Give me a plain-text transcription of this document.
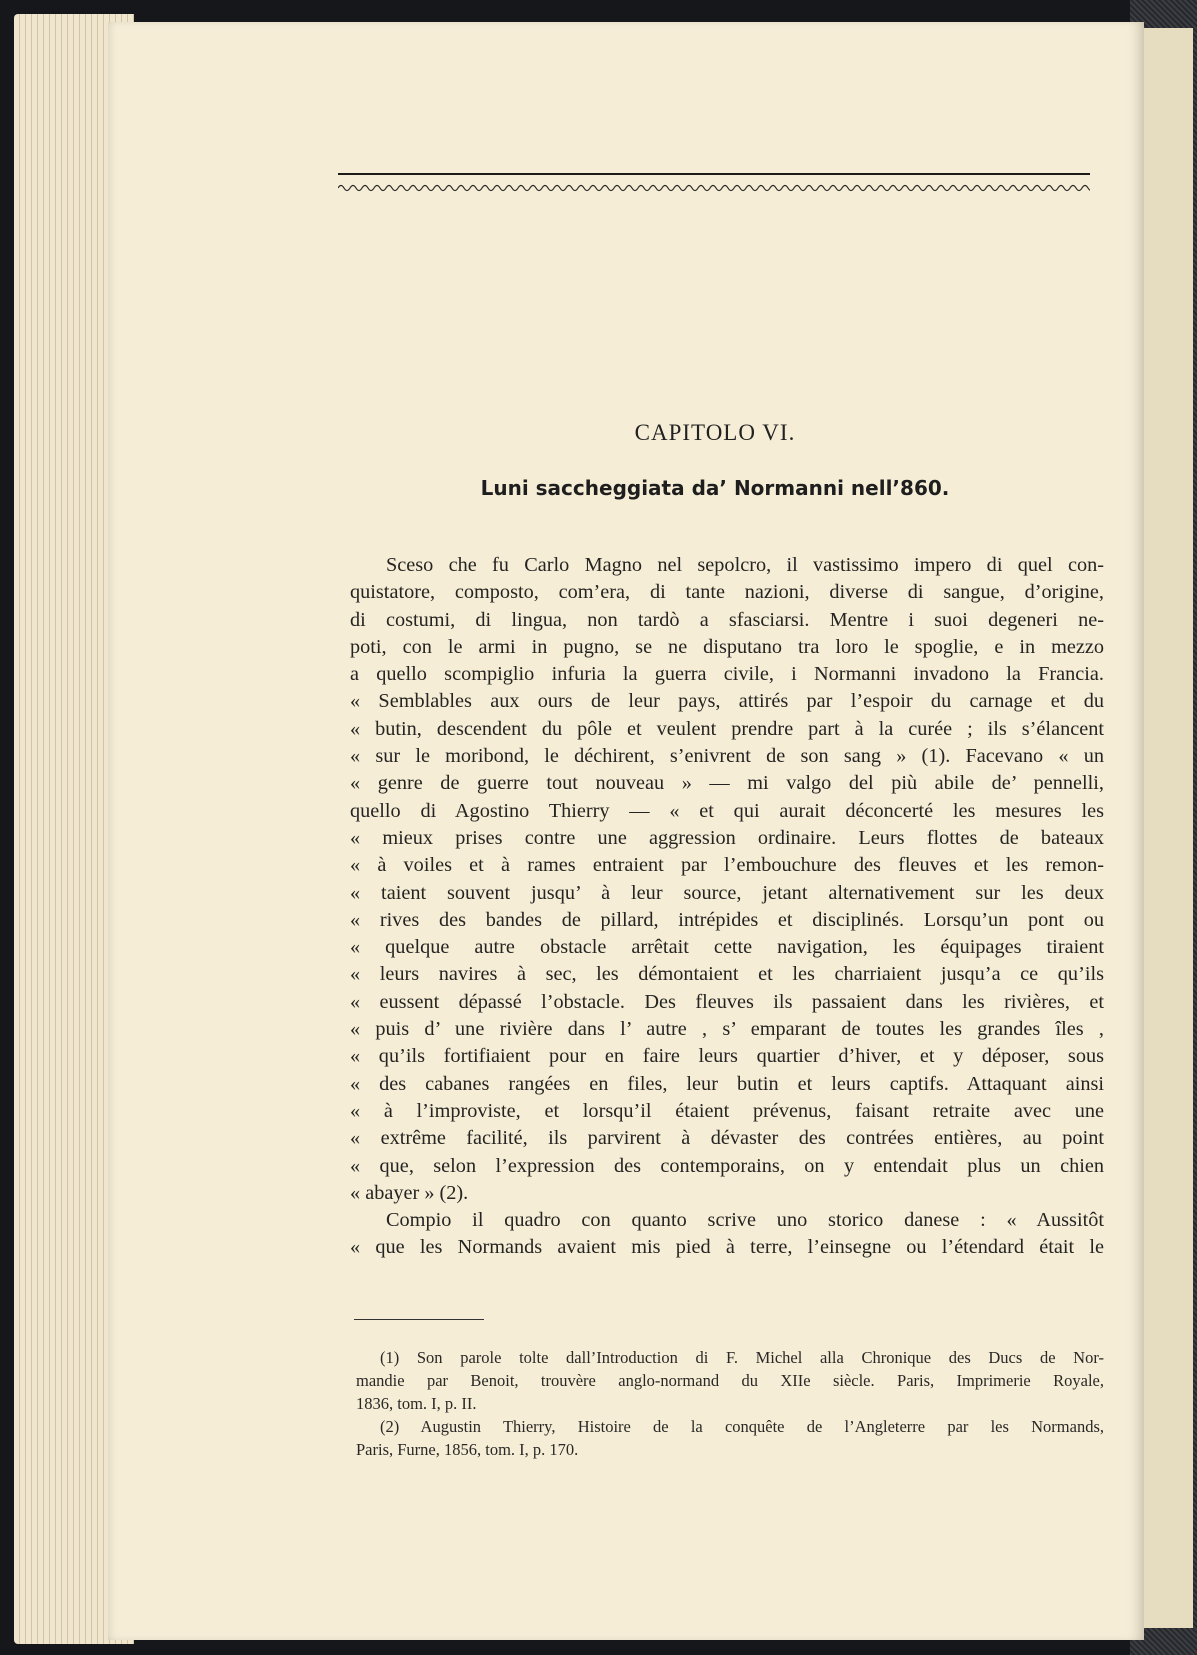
CAPITOLO VI.
Luni saccheggiata da’ Normanni nell’860.
Sceso che fu Carlo Magno nel sepolcro, il vastissimo impero di quel con-
quistatore, composto, com’era, di tante nazioni, diverse di sangue, d’origine,
di costumi, di lingua, non tardò a sfasciarsi. Mentre i suoi degeneri ne-
poti, con le armi in pugno, se ne disputano tra loro le spoglie, e in mezzo
a quello scompiglio infuria la guerra civile, i Normanni invadono la Francia.
« Semblables aux ours de leur pays, attirés par l’espoir du carnage et du
« butin, descendent du pôle et veulent prendre part à la curée ; ils s’élancent
« sur le moribond, le déchirent, s’enivrent de son sang » (1). Facevano « un
« genre de guerre tout nouveau » — mi valgo del più abile de’ pennelli,
quello di Agostino Thierry — « et qui aurait déconcerté les mesures les
« mieux prises contre une aggression ordinaire. Leurs flottes de bateaux
« à voiles et à rames entraient par l’embouchure des fleuves et les remon-
« taient souvent jusqu’ à leur source, jetant alternativement sur les deux
« rives des bandes de pillard, intrépides et disciplinés. Lorsqu’un pont ou
« quelque autre obstacle arrêtait cette navigation, les équipages tiraient
« leurs navires à sec, les démontaient et les charriaient jusqu’a ce qu’ils
« eussent dépassé l’obstacle. Des fleuves ils passaient dans les rivières, et
« puis d’ une rivière dans l’ autre , s’ emparant de toutes les grandes îles ,
« qu’ils fortifiaient pour en faire leurs quartier d’hiver, et y déposer, sous
« des cabanes rangées en files, leur butin et leurs captifs. Attaquant ainsi
« à l’improviste, et lorsqu’il étaient prévenus, faisant retraite avec une
« extrême facilité, ils parvirent à dévaster des contrées entières, au point
« que, selon l’expression des contemporains, on y entendait plus un chien
« abayer » (2).
Compio il quadro con quanto scrive uno storico danese : « Aussitôt
« que les Normands avaient mis pied à terre, l’einsegne ou l’étendard était le
(1) Son parole tolte dall’Introduction di F. Michel alla Chronique des Ducs de Nor-
mandie par Benoit, trouvère anglo-normand du XIIe siècle. Paris, Imprimerie Royale,
1836, tom. I, p. II.
(2) Augustin Thierry, Histoire de la conquête de l’Angleterre par les Normands,
Paris, Furne, 1856, tom. I, p. 170.
